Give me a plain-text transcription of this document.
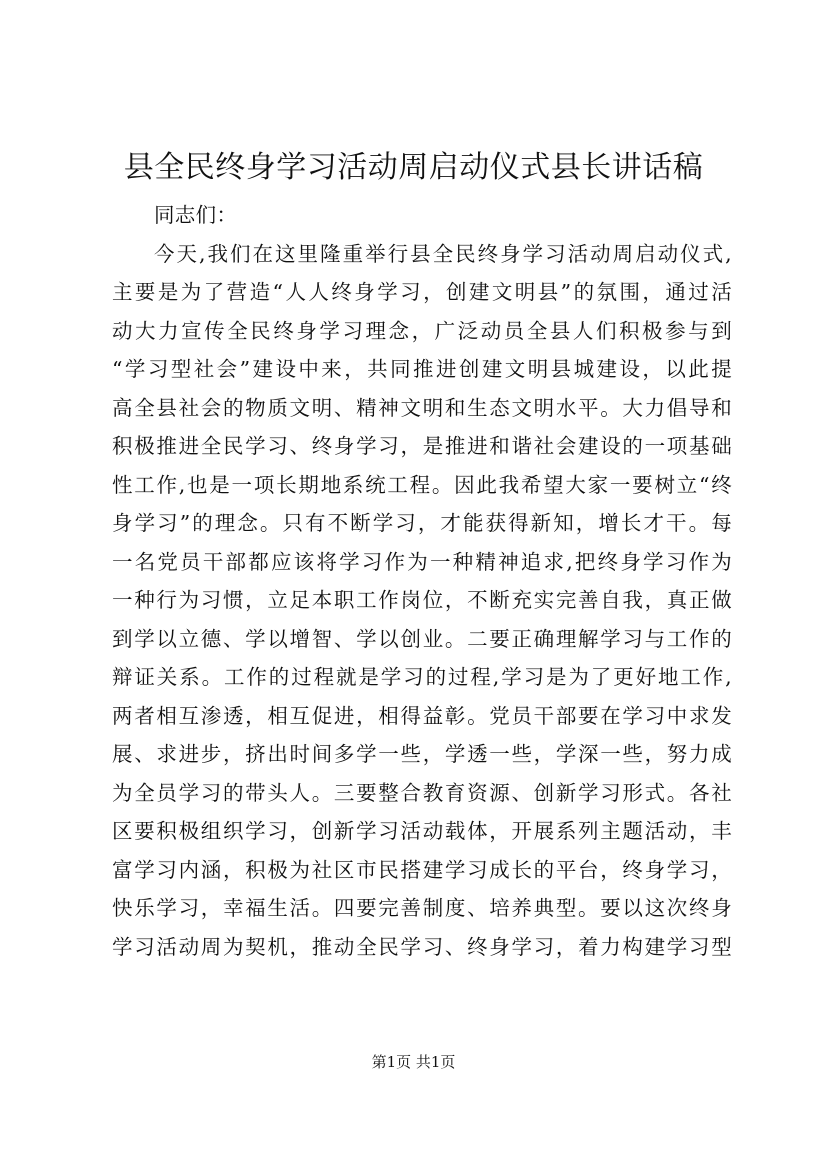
县全民终身学习活动周启动仪式县长讲话稿
同志们：
今天,我们在这里隆重举行县全民终身学习活动周启动仪式,
主要是为了营造“人人终身学习，创建文明县”的氛围，通过活
动大力宣传全民终身学习理念，广泛动员全县人们积极参与到
“学习型社会”建设中来，共同推进创建文明县城建设，以此提
高全县社会的物质文明、精神文明和生态文明水平。大力倡导和
积极推进全民学习、终身学习，是推进和谐社会建设的一项基础
性工作,也是一项长期地系统工程。因此我希望大家一要树立“终
身学习”的理念。只有不断学习，才能获得新知，增长才干。每
一名党员干部都应该将学习作为一种精神追求,把终身学习作为
一种行为习惯，立足本职工作岗位，不断充实完善自我，真正做
到学以立德、学以增智、学以创业。二要正确理解学习与工作的
辩证关系。工作的过程就是学习的过程,学习是为了更好地工作,
两者相互渗透，相互促进，相得益彰。党员干部要在学习中求发
展、求进步，挤出时间多学一些，学透一些，学深一些，努力成
为全员学习的带头人。三要整合教育资源、创新学习形式。各社
区要积极组织学习，创新学习活动载体，开展系列主题活动，丰
富学习内涵，积极为社区市民搭建学习成长的平台，终身学习，
快乐学习，幸福生活。四要完善制度、培养典型。要以这次终身
学习活动周为契机，推动全民学习、终身学习，着力构建学习型
第1页 共1页
